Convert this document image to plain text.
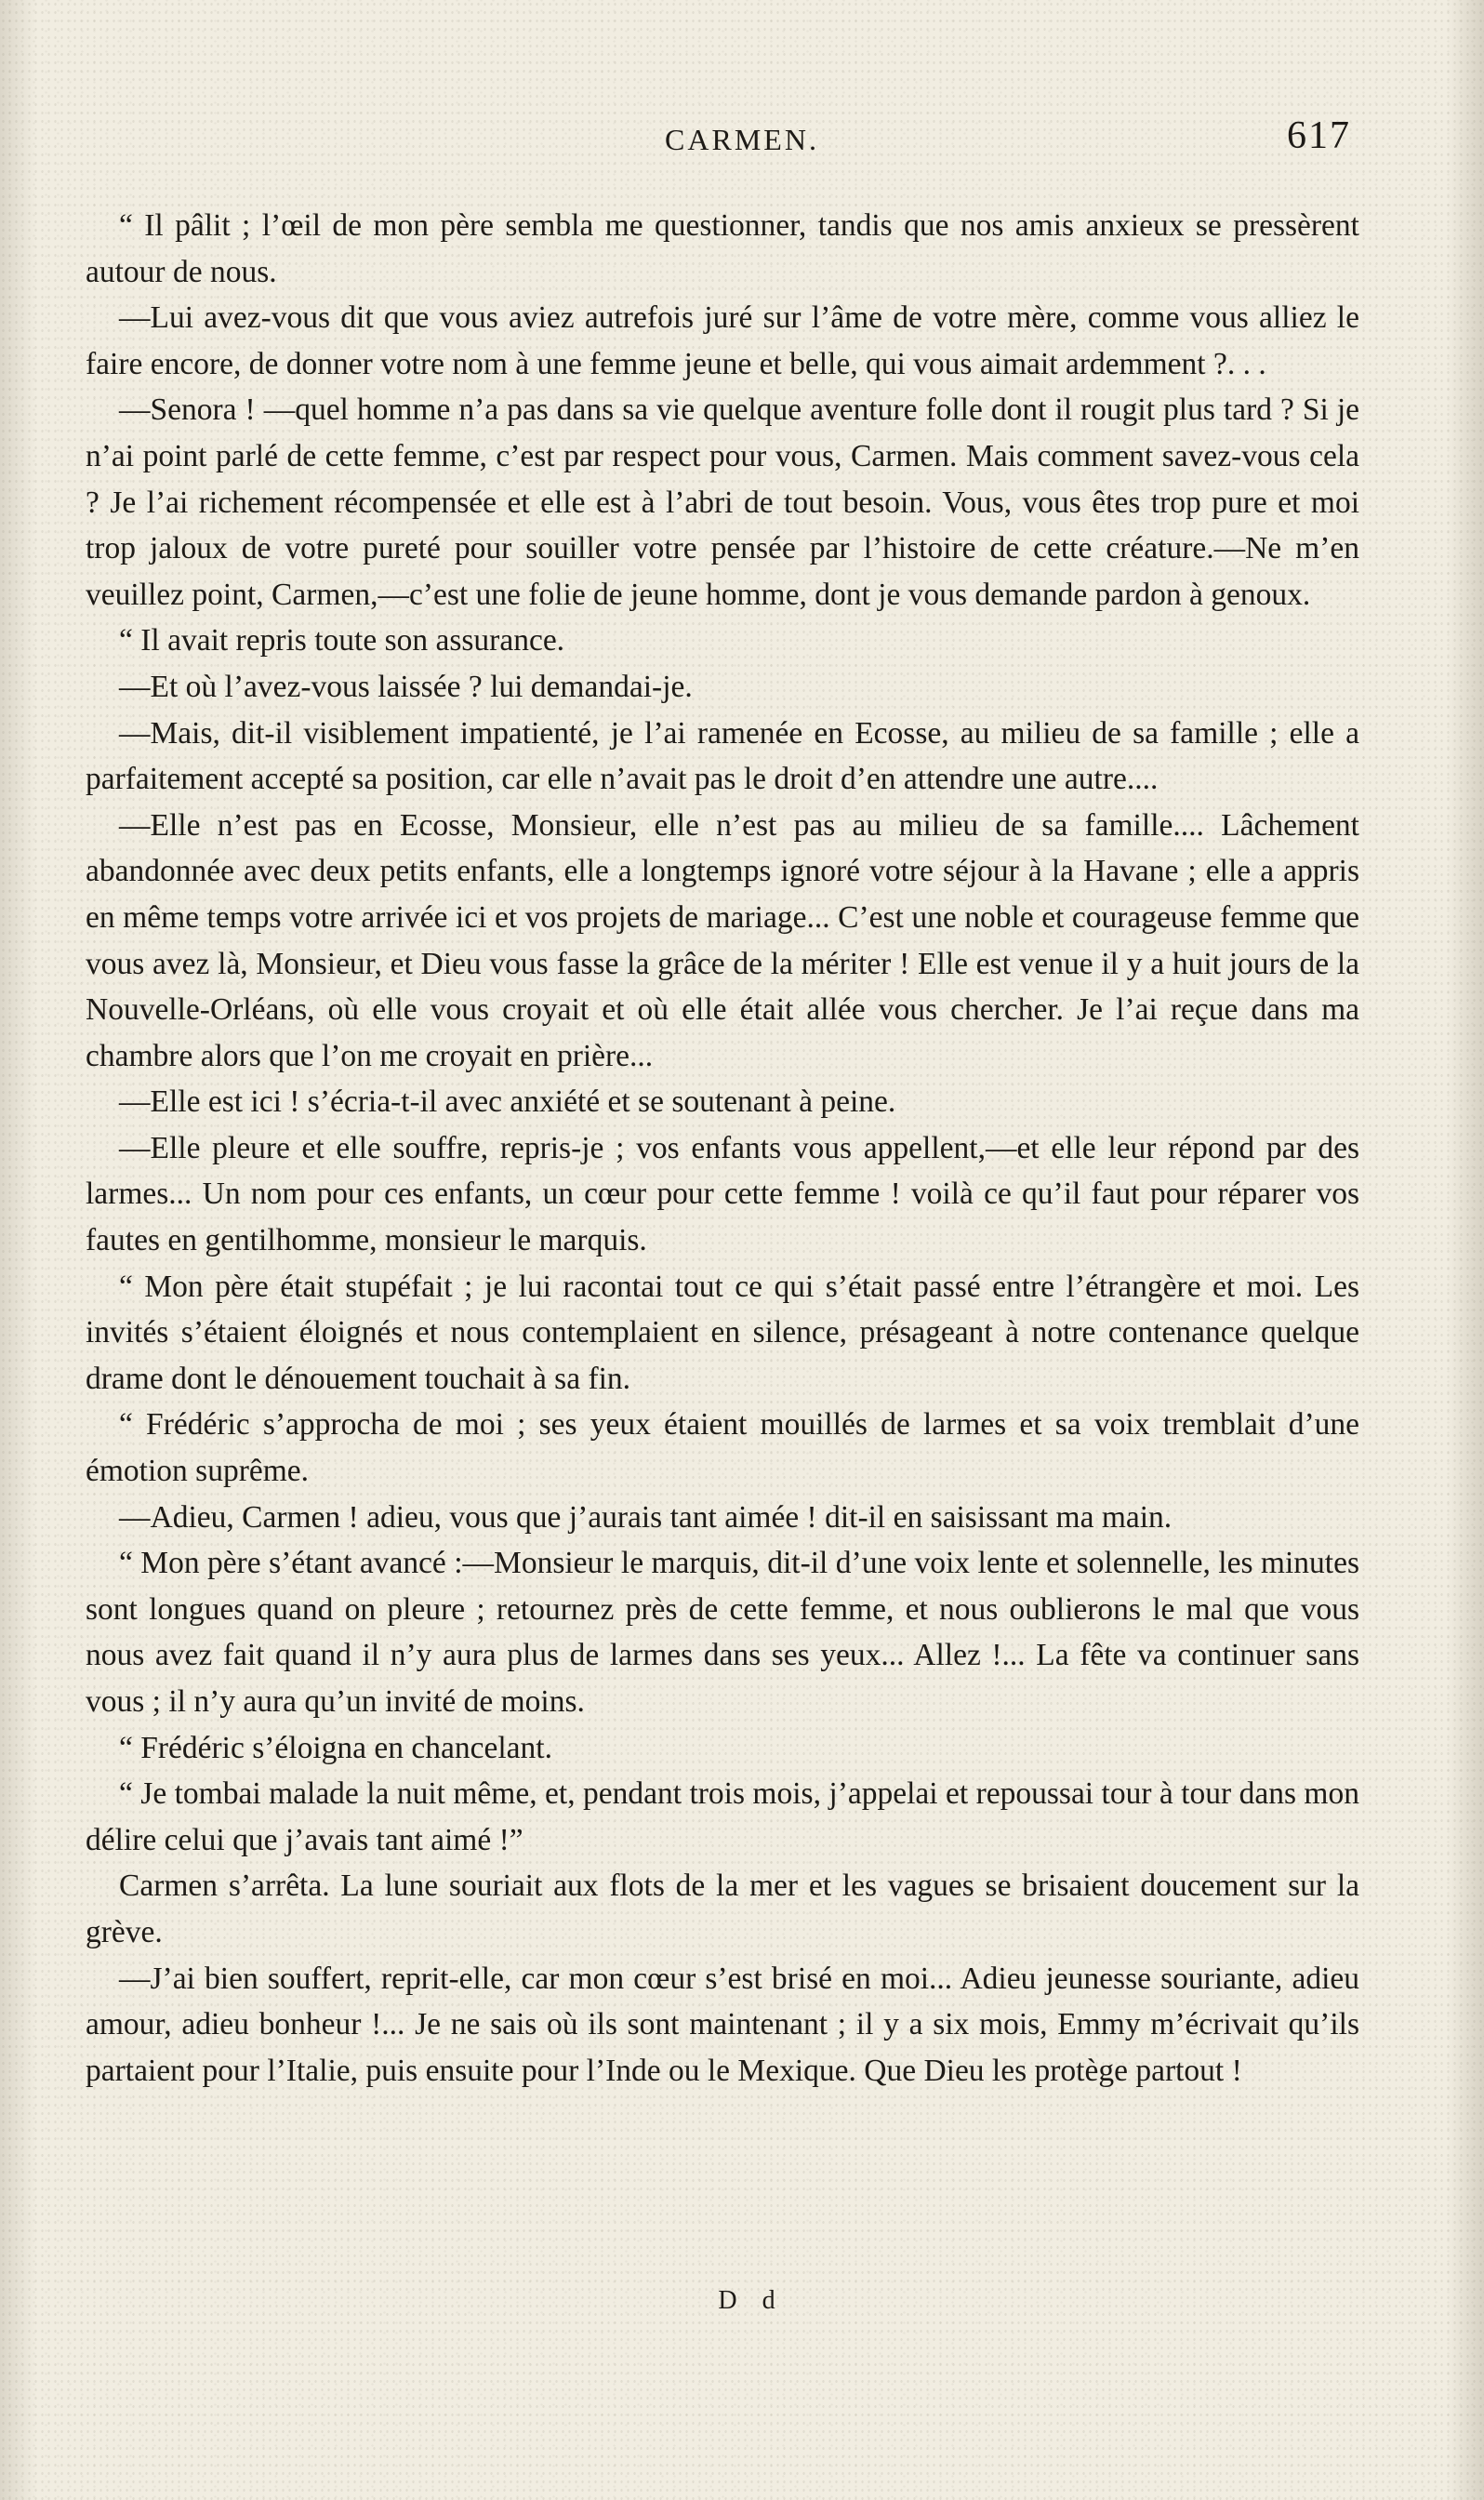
CARMEN.	617

“ Il pâlit ; l’œil de mon père sembla me questionner, tandis que nos amis anxieux se pressèrent autour de nous.

—Lui avez-vous dit que vous aviez autrefois juré sur l’âme de votre mère, comme vous alliez le faire encore, de donner votre nom à une femme jeune et belle, qui vous aimait ardemment ?. . .

—Senora ! —quel homme n’a pas dans sa vie quelque aventure folle dont il rougit plus tard ? Si je n’ai point parlé de cette femme, c’est par respect pour vous, Carmen. Mais comment savez-vous cela ? Je l’ai richement récompensée et elle est à l’abri de tout besoin. Vous, vous êtes trop pure et moi trop jaloux de votre pureté pour souiller votre pensée par l’histoire de cette créature.—Ne m’en veuillez point, Carmen,—c’est une folie de jeune homme, dont je vous demande pardon à genoux.

“ Il avait repris toute son assurance.

—Et où l’avez-vous laissée ? lui demandai-je.

—Mais, dit-il visiblement impatienté, je l’ai ramenée en Ecosse, au milieu de sa famille ; elle a parfaitement accepté sa position, car elle n’avait pas le droit d’en attendre une autre....

—Elle n’est pas en Ecosse, Monsieur, elle n’est pas au milieu de sa famille.... Lâchement abandonnée avec deux petits enfants, elle a longtemps ignoré votre séjour à la Havane ; elle a appris en même temps votre arrivée ici et vos projets de mariage... C’est une noble et courageuse femme que vous avez là, Monsieur, et Dieu vous fasse la grâce de la mériter ! Elle est venue il y a huit jours de la Nouvelle-Orléans, où elle vous croyait et où elle était allée vous chercher. Je l’ai reçue dans ma chambre alors que l’on me croyait en prière...

—Elle est ici ! s’écria-t-il avec anxiété et se soutenant à peine.

—Elle pleure et elle souffre, repris-je ; vos enfants vous appellent,—et elle leur répond par des larmes... Un nom pour ces enfants, un cœur pour cette femme ! voilà ce qu’il faut pour réparer vos fautes en gentilhomme, monsieur le marquis.

“ Mon père était stupéfait ; je lui racontai tout ce qui s’était passé entre l’étrangère et moi. Les invités s’étaient éloignés et nous contemplaient en silence, présageant à notre contenance quelque drame dont le dénouement touchait à sa fin.

“ Frédéric s’approcha de moi ; ses yeux étaient mouillés de larmes et sa voix tremblait d’une émotion suprême.

—Adieu, Carmen ! adieu, vous que j’aurais tant aimée ! dit-il en saisissant ma main.

“ Mon père s’étant avancé :—Monsieur le marquis, dit-il d’une voix lente et solennelle, les minutes sont longues quand on pleure ; retournez près de cette femme, et nous oublierons le mal que vous nous avez fait quand il n’y aura plus de larmes dans ses yeux... Allez !... La fête va continuer sans vous ; il n’y aura qu’un invité de moins.

“ Frédéric s’éloigna en chancelant.

“ Je tombai malade la nuit même, et, pendant trois mois, j’appelai et repoussai tour à tour dans mon délire celui que j’avais tant aimé !”

Carmen s’arrêta. La lune souriait aux flots de la mer et les vagues se brisaient doucement sur la grève.

—J’ai bien souffert, reprit-elle, car mon cœur s’est brisé en moi... Adieu jeunesse souriante, adieu amour, adieu bonheur !... Je ne sais où ils sont maintenant ; il y a six mois, Emmy m’écrivait qu’ils partaient pour l’Italie, puis ensuite pour l’Inde ou le Mexique. Que Dieu les protège partout !

D d
